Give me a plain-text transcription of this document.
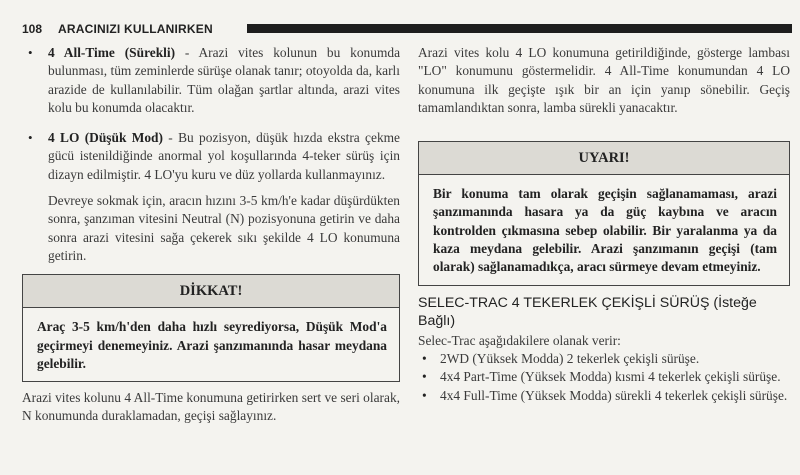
108 ARACINIZI KULLANIRKEN

• 4 All-Time (Sürekli) - Arazi vites kolunun bu konumda bulunması, tüm zeminlerde sürüşe olanak tanır; otoyolda da, karlı arazide de kullanılabilir. Tüm olağan şartlar altında, arazi vites kolu bu konumda olacaktır.

• 4 LO (Düşük Mod) - Bu pozisyon, düşük hızda ekstra çekme gücü istenildiğinde anormal yol koşullarında 4-teker sürüş için dizayn edilmiştir. 4 LO'yu kuru ve düz yollarda kullanmayınız.

Devreye sokmak için, aracın hızını 3-5 km/h'e kadar düşürdükten sonra, şanzıman vitesini Neutral (N) pozisyonuna getirin ve daha sonra arazi vitesini sağa çekerek sıkı şekilde 4 LO konumuna getirin.

DİKKAT!
Araç 3-5 km/h'den daha hızlı seyrediyorsa, Düşük Mod'a geçirmeyi denemeyiniz. Arazi şanzımanında hasar meydana gelebilir.

Arazi vites kolunu 4 All-Time konumuna getirirken sert ve seri olarak, N konumunda duraklamadan, geçişi sağlayınız.

Arazi vites kolu 4 LO konumuna getirildiğinde, gösterge lambası "LO" konumunu göstermelidir. 4 All-Time konumundan 4 LO konumuna ilk geçişte ışık bir an için yanıp sönebilir. Geçiş tamamlandıktan sonra, lamba sürekli yanacaktır.

UYARI!
Bir konuma tam olarak geçişin sağlanamaması, arazi şanzımanında hasara ya da güç kaybına ve aracın kontrolden çıkmasına sebep olabilir. Bir yaralanma ya da kaza meydana gelebilir. Arazi şanzımanın geçişi (tam olarak) sağlanamadıkça, aracı sürmeye devam etmeyiniz.

SELEC-TRAC 4 TEKERLEK ÇEKİŞLİ SÜRÜŞ (İsteğe Bağlı)

Selec-Trac aşağıdakilere olanak verir:

• 2WD (Yüksek Modda) 2 tekerlek çekişli sürüşe.

• 4x4 Part-Time (Yüksek Modda) kısmi 4 tekerlek çekişli sürüşe.

• 4x4 Full-Time (Yüksek Modda) sürekli 4 tekerlek çekişli sürüşe.
